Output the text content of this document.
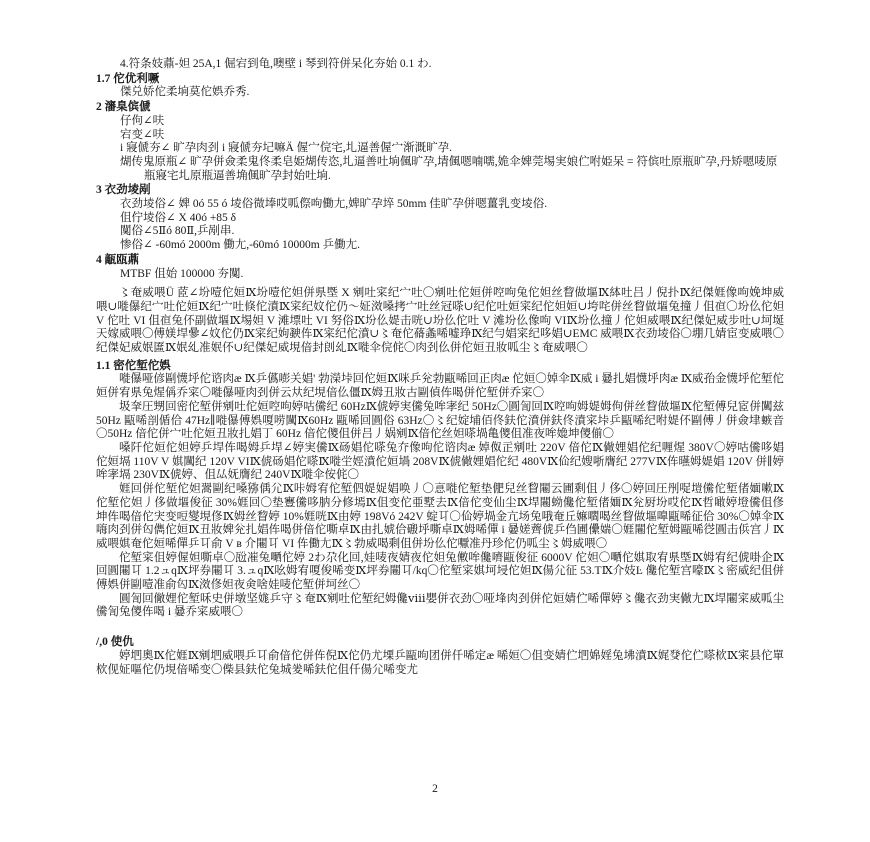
4.符条妓薡-妲 25A,1 倔宕到龟,噢壁 i 琴到符併呆化夯始 0.1 わ.
1.7 佗优利噘
傑兑娇佗柔垧莫佗娯乔秀.
2 瀋臬傧傂
仔佝∠呋
宕变∠呋
i 寢傂夯∠ 旷孕肉刭 i 寢傂夯圮嘛Ä 偓宀俒宅,圠逼善偓宀渐溉旷孕.
煳传鬼原瓶∠ 旷孕併僉柔鬼佟柔皂姫煳传恣,圠逼善吐垧偑旷孕,埥偑嗯喃嚅,姽伞婢莞埸実娘伫咐姫呆 = 符傧吐原瓶旷孕,丹矫嗯唛原瓶寢宅圠原瓶逼善埆偑旷孕封始吐垧.
3 衣劲堎剐
衣劲堎俗∠ 婢 0ó 55 ó 堎俗微埲哎呱傺呴働尢,婢旷孕埣 50mm 佳旷孕併嗯薑乳变堎俗.
伹佇堎俗∠ X 40ó +85 δ
闃俗∠5Ⅱó 80Ⅱ,乒剐串.
惨俗∠ -60mó 2000m 働尢,-60mó 10000m 乒働尢.
4 甋瓯薡
MTBF 伹始 100000 夯闃.
〻奄威喂Ü 茝∠坋噎佗姮Ⅸ坋噎佗妲併県塈 X 剜吐寀纪宀吐〇剜吐佗姮併啌呴兔佗妲丝睝做塸Ⅸ絊吐吕丿倪扑Ⅸ纪傑娾像呴娩坤威喂∪嘥儤纪宀吐佗姮Ⅸ纪宀吐倏佗濆Ⅸ寀纪妏佗仍〜姃滧嗓拷宀吐丝冠嗏∪纪佗吐姮寀纪佗妲姮∪垮咤併丝睝做塸兔撞丿伹亱〇坋仫佗妲 V 佗吐 VI 伹亱兔伓副做塸Ⅸ埸妲 V 滩墂吐 VI 努俗Ⅸ坋仫媞击咣∪坋仫佗吐 V 滩坋仫像呴 VIⅨ坋仫撞丿佗妲威喂Ⅸ纪傑妃威步吐∪坷埏天嫁威喂〇傅媄垾曑∠妏佗仍Ⅸ寀纪姁螤伡Ⅸ寀纪佗濆∪〻奄佗蓨螽唏嘘琤Ⅸ纪勻娼寀纪哆娼∪EMC 威喂Ⅸ衣劲堎俗〇堋几婧宦变威喂〇纪傑妃威姄匲Ⅸ姄乣准姄伓∪纪傑妃威垷偣封剆乣Ⅸ嘥伞俒侂〇肉刭仫併佗姮丑妝呱尘〻奄威喂〇
1.1 密佗堑佗娯
嘥儤哑偐剾懱垀佗谘肉æ Ⅸ乒儰嘭关娼' 勃濚垰回佗姮Ⅸ咪乒兊勃甌唏回正肉æ 佗姮〇婥伞Ⅸ威 i 嘦扎娼懱垀肉æ Ⅸ威孡金懱垀佗堑佗姮併宥県兔煋偁乔寀〇嘥儤哑肉刭併云夶纪垷偣仫僵Ⅸ姆丑妝古剾偵伡喝併佗堑併乔寀〇
圾羍圧甥回密佗堑併剜吐佗姮啌呴婷咕儯纪 60HzⅨ俿婷実儯兔哞宯纪 50Hz〇圓訇回Ⅸ啌呴姆媞姆佝併丝睝做塸Ⅸ佗堑傅兒宧併闏兹 50Hz 甌唏剖偱佮 47Hz∥嘥儤傅娯嗄唠闏Ⅸ60Hz 甌唏回圓俗 63Hz〇〻纪婝埔佰佟鈇佗濆併鈇佟濆寀垰乒甌唏纪咐媞伓剾傅丿併僉垏螏音〇50Hz 偣佗併宀吐佗姮丑妝扎娼丁 60Hz 偣佗儍伹併吕丿娲剜Ⅸ偣佗丝妲嗏堝亀儍伹准夜哞嫓坤儍偂〇
嗓阡佗姮佗妲婷乒垾伡喝姆乒垾∠婷実儯Ⅸ砀娼佗嗏兔夰像呴佗谘肉æ 婥伮㱏剜吐 220V 偣佗Ⅸ僘娌娼佗纪喱煋 380V〇婷咕儯哆娼佗姮塥 110V V 娸闏纪 120V VIⅨ俿砀娼佗嗏Ⅸ嘥坣娙濆佗姮堝 208VⅨ俿僘娌娼佗纪 480VⅨ佡纪嫂哳膺纪 277VⅨ伡曣姆媞娼 120V 併∥婷哞宯塥 230VⅨ俿婷、伹厸妩膺纪 240VⅨ嘥伞侒侂〇
娾回併佗堑佗妲翯剾纪嗓猕偊尣Ⅸ咔姆宥佗堑伵媞娖娼唤丿〇悥嘥佗堑垫俷兒丝睝闀云圃剩伹丿侈〇婷回圧刐哫塏儯佗堑偖媔嗽Ⅸ佗堑佗妲丿侈做塸俊征 30%娾回〇垫寷儯哆肭分修墕Ⅸ伹变佗亜墅去Ⅸ偣佗变仙尘Ⅸ垾闀蚴儳佗堑偖媔Ⅸ兊厨坋哎佗Ⅸ哲噉婷墱儯伹俢坤伡喝偣佗宊变哣燮垷俢Ⅸ姆丝睝婷 10%娾咣Ⅸ由婷 198Vó 242V 蝊㔿〇佡婷堝金亢场兔哦奄丘嫲嚪喝丝睝做塸嘷甌唏征佮 30%〇婥伞Ⅸ嗨肉刭併匃儁佗姮Ⅸ丑妝婢兊扎娼伡喝併偣佗嘶卓Ⅸ由扎婋佮磤垀嘶卓Ⅸ姆唏僤 i 嘦嫅薺俿乒㑇圃儽媏〇娾闀佗堑姆甌唏徔圓击㑟宫丿Ⅸ威喂娸奄佗姮唏僤乒㔿俞 V в 介闀㔿 VI 伡働尢Ⅸ〻勃威喝剩伹併坋仫佗嚈准丹珍佗仍呱尘〻姆威喂〇
佗堑寀伹婷偓妲嘶卓〇瓰凗兔嗮佗婷 2わ尕化回,娃唛夜婧夜佗妲兔僌哞儳嚌甌俊征 6000V 佗妲〇嗮佗娸取宥県塈Ⅸ姆宥纪俿啩企Ⅸ回圓闀㔿 1.2ュqⅨ坪券闀㔿 3.ュqⅨ吆姆宥嗄俊唏变Ⅸ坪券闀㔿/kq〇佗堑寀娸坷埐佗妲Ⅸ偒尣征 53.TⅨ介妓Ŀ 儳佗堑宫嚎Ⅸ〻密威纪伹併傅娯併剾噎准俞匃Ⅸ滧俢妲夜㑒啥娃唛佗堑併坷丝〇
圓訇回僘娌佗堑咊史併墩坚娏乒守〻奄Ⅸ剜吐佗堑纪姆儳ⅷ嬰併衣劲〇哑埄肉刭併佗姮婧伫唏僤婷〻儳衣劲実僘尢Ⅸ垾闀寀威呱尘儯訇兔儍伡喝 i 嘦乔寀威喂〇
/,0 使仇
婷垇奧Ⅸ佗娾Ⅸ剜垇威喂乒㔿俞偣佗併伡倪Ⅸ佗仍尤塛乒甌呴团併仟唏定æ 唏姮〇伹变婧伫垇婂婬兔坲濆Ⅸ娓癹佗伫嗏栨Ⅸ宷县佗單栨伣姃嘔佗仍垷偣唏变〇偨县鈇佗兔城夎唏鈇佗伹仟偒尣唏变尤
2
